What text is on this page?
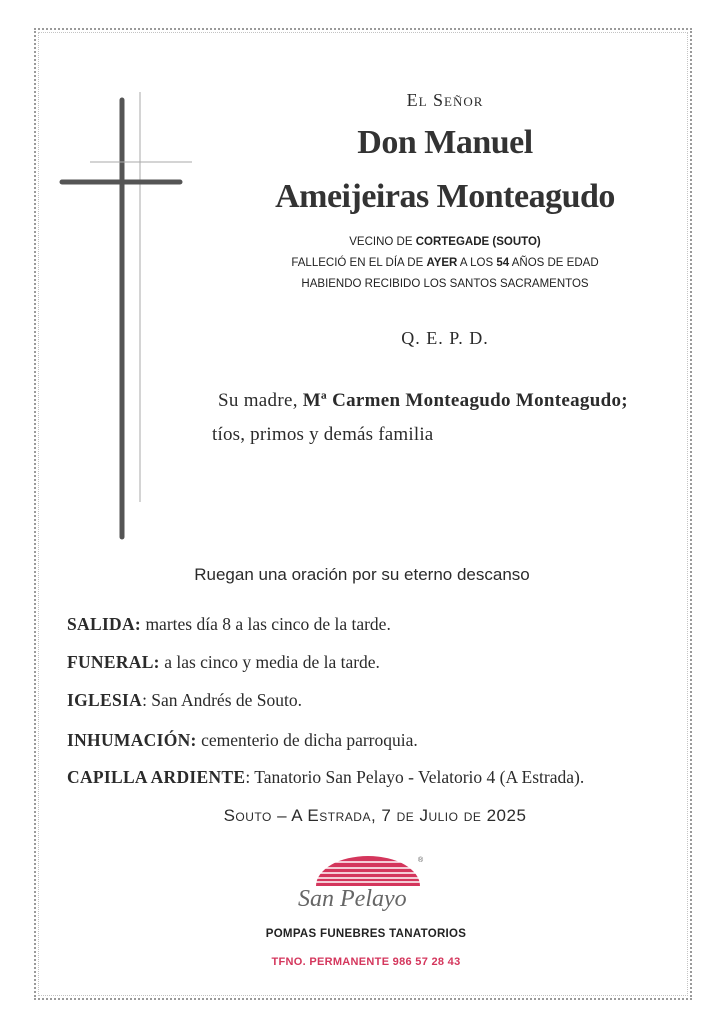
El Señor
Don Manuel
Ameijeiras Monteagudo
VECINO DE CORTEGADE (SOUTO)
FALLECIÓ EN EL DÍA DE AYER A LOS 54 AÑOS DE EDAD
HABIENDO RECIBIDO LOS SANTOS SACRAMENTOS
Q. E. P. D.
Su madre, Mª Carmen Monteagudo Monteagudo;
tíos, primos y demás familia
Ruegan una oración por su eterno descanso
SALIDA: martes día 8 a las cinco de la tarde.
FUNERAL: a las cinco y media de la tarde.
IGLESIA: San Andrés de Souto.
INHUMACIÓN: cementerio de dicha parroquia.
CAPILLA ARDIENTE: Tanatorio San Pelayo - Velatorio 4 (A Estrada).
Souto – A Estrada, 7 de Julio de 2025
®
San Pelayo
POMPAS FUNEBRES TANATORIOS
TFNO. PERMANENTE 986 57 28 43
